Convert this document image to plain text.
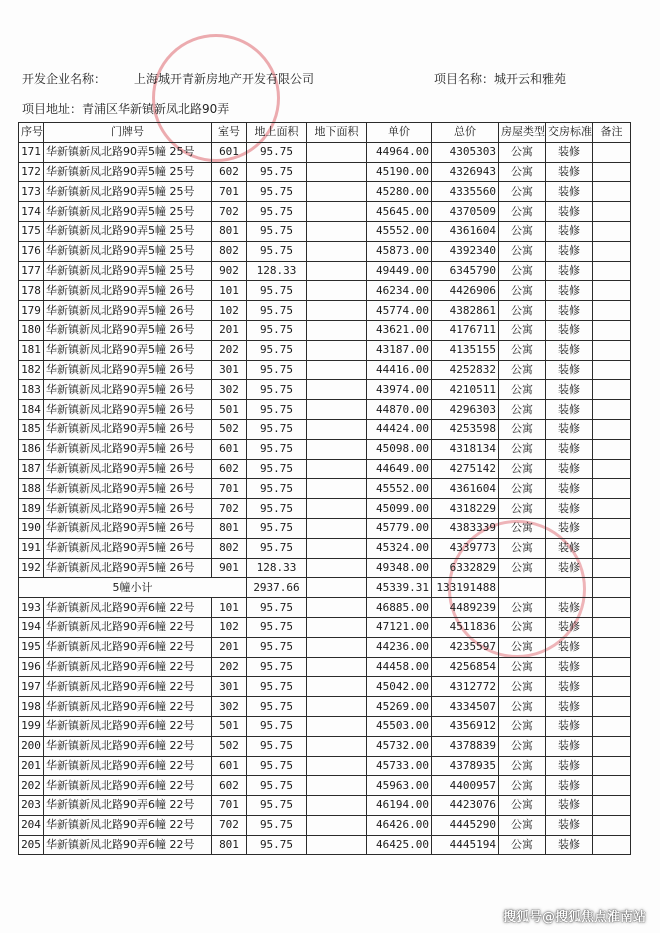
开发企业名称： 上海城开青新房地产开发有限公司	项目名称：城开云和雅苑
项目地址：青浦区华新镇新凤北路90弄
序号	门牌号	室号	地上面积	地下面积	单价	总价	房屋类型	交房标准	备注
171	华新镇新凤北路90弄5幢 25号	601	95.75		44964.00	4305303	公寓	装修	
172	华新镇新凤北路90弄5幢 25号	602	95.75		45190.00	4326943	公寓	装修	
173	华新镇新凤北路90弄5幢 25号	701	95.75		45280.00	4335560	公寓	装修	
174	华新镇新凤北路90弄5幢 25号	702	95.75		45645.00	4370509	公寓	装修	
175	华新镇新凤北路90弄5幢 25号	801	95.75		45552.00	4361604	公寓	装修	
176	华新镇新凤北路90弄5幢 25号	802	95.75		45873.00	4392340	公寓	装修	
177	华新镇新凤北路90弄5幢 25号	902	128.33		49449.00	6345790	公寓	装修	
178	华新镇新凤北路90弄5幢 26号	101	95.75		46234.00	4426906	公寓	装修	
179	华新镇新凤北路90弄5幢 26号	102	95.75		45774.00	4382861	公寓	装修	
180	华新镇新凤北路90弄5幢 26号	201	95.75		43621.00	4176711	公寓	装修	
181	华新镇新凤北路90弄5幢 26号	202	95.75		43187.00	4135155	公寓	装修	
182	华新镇新凤北路90弄5幢 26号	301	95.75		44416.00	4252832	公寓	装修	
183	华新镇新凤北路90弄5幢 26号	302	95.75		43974.00	4210511	公寓	装修	
184	华新镇新凤北路90弄5幢 26号	501	95.75		44870.00	4296303	公寓	装修	
185	华新镇新凤北路90弄5幢 26号	502	95.75		44424.00	4253598	公寓	装修	
186	华新镇新凤北路90弄5幢 26号	601	95.75		45098.00	4318134	公寓	装修	
187	华新镇新凤北路90弄5幢 26号	602	95.75		44649.00	4275142	公寓	装修	
188	华新镇新凤北路90弄5幢 26号	701	95.75		45552.00	4361604	公寓	装修	
189	华新镇新凤北路90弄5幢 26号	702	95.75		45099.00	4318229	公寓	装修	
190	华新镇新凤北路90弄5幢 26号	801	95.75		45779.00	4383339	公寓	装修	
191	华新镇新凤北路90弄5幢 26号	802	95.75		45324.00	4339773	公寓	装修	
192	华新镇新凤北路90弄5幢 26号	901	128.33		49348.00	6332829	公寓	装修	
5幢小计			2937.66		45339.31	133191488			
193	华新镇新凤北路90弄6幢 22号	101	95.75		46885.00	4489239	公寓	装修	
194	华新镇新凤北路90弄6幢 22号	102	95.75		47121.00	4511836	公寓	装修	
195	华新镇新凤北路90弄6幢 22号	201	95.75		44236.00	4235597	公寓	装修	
196	华新镇新凤北路90弄6幢 22号	202	95.75		44458.00	4256854	公寓	装修	
197	华新镇新凤北路90弄6幢 22号	301	95.75		45042.00	4312772	公寓	装修	
198	华新镇新凤北路90弄6幢 22号	302	95.75		45269.00	4334507	公寓	装修	
199	华新镇新凤北路90弄6幢 22号	501	95.75		45503.00	4356912	公寓	装修	
200	华新镇新凤北路90弄6幢 22号	502	95.75		45732.00	4378839	公寓	装修	
201	华新镇新凤北路90弄6幢 22号	601	95.75		45733.00	4378935	公寓	装修	
202	华新镇新凤北路90弄6幢 22号	602	95.75		45963.00	4400957	公寓	装修	
203	华新镇新凤北路90弄6幢 22号	701	95.75		46194.00	4423076	公寓	装修	
204	华新镇新凤北路90弄6幢 22号	702	95.75		46426.00	4445290	公寓	装修	
205	华新镇新凤北路90弄6幢 22号	801	95.75		46425.00	4445194	公寓	装修	
搜狐号@搜狐焦点淮南站
